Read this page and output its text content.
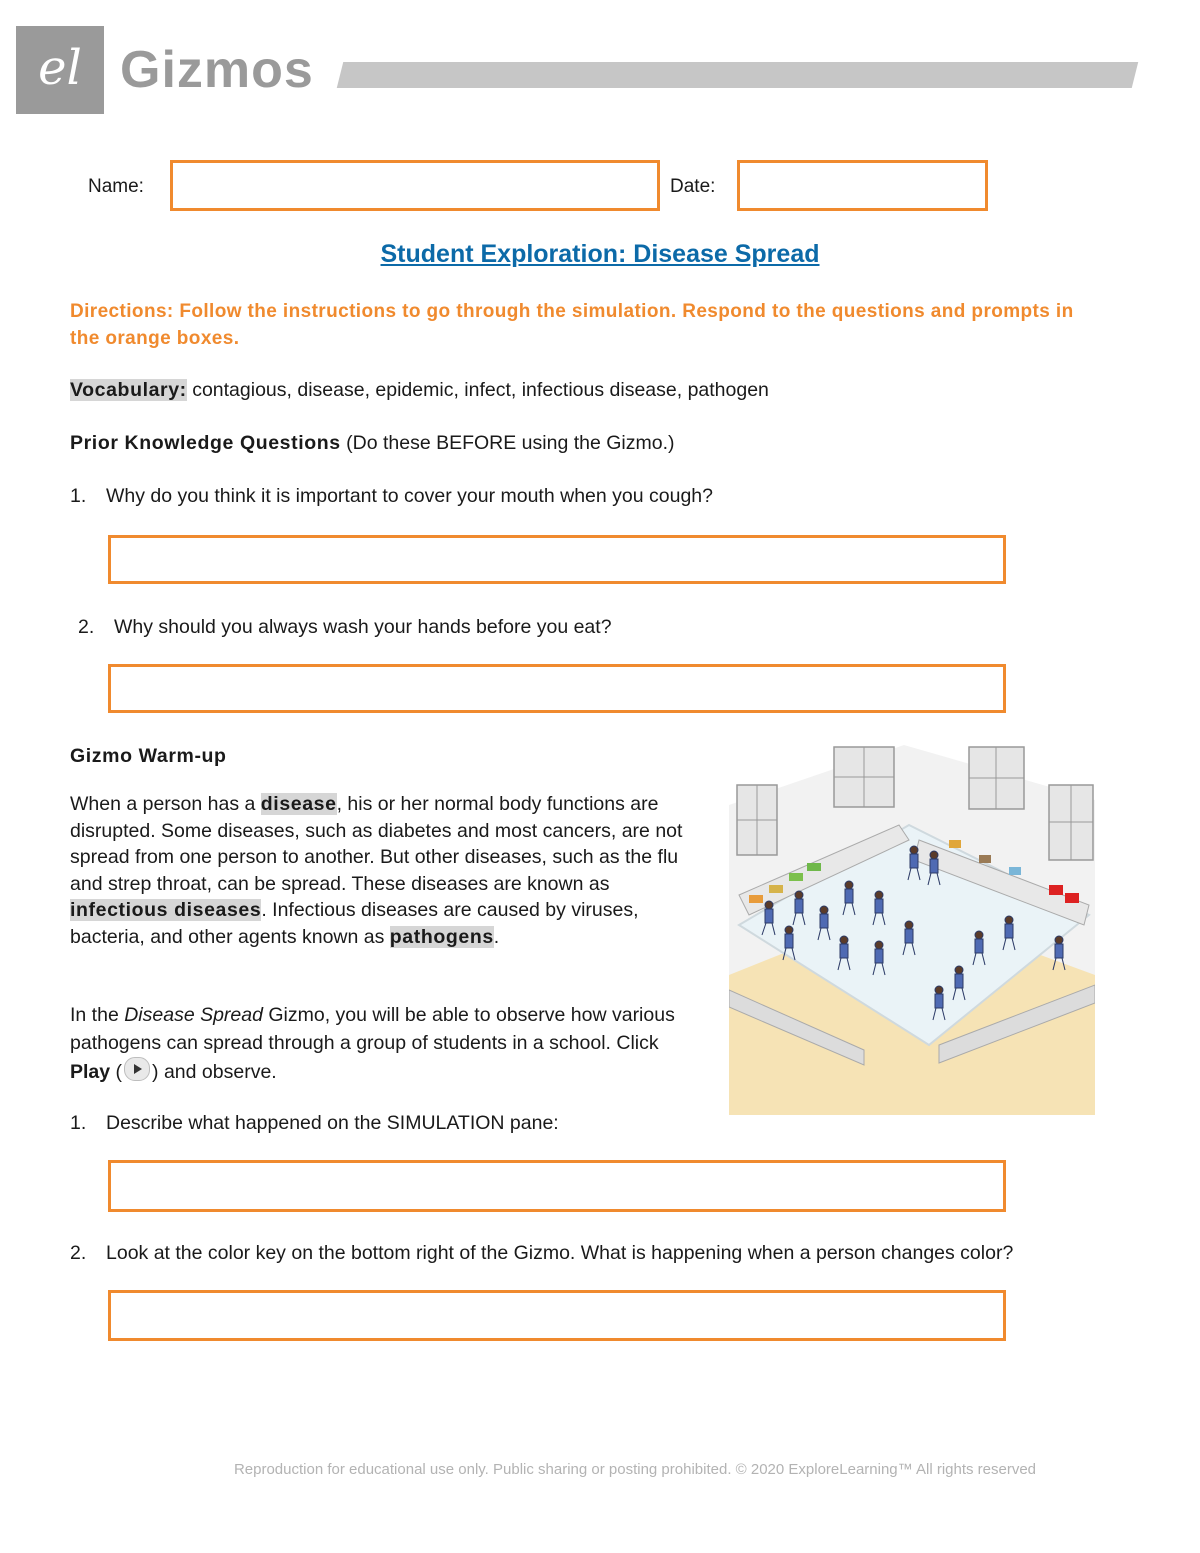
el Gizmos
Name:	Date:
Student Exploration: Disease Spread
Directions: Follow the instructions to go through the simulation. Respond to the questions and prompts in the orange boxes.
Vocabulary: contagious, disease, epidemic, infect, infectious disease, pathogen
Prior Knowledge Questions (Do these BEFORE using the Gizmo.)
1. Why do you think it is important to cover your mouth when you cough?
2. Why should you always wash your hands before you eat?
Gizmo Warm-up
When a person has a disease, his or her normal body functions are disrupted. Some diseases, such as diabetes and most cancers, are not spread from one person to another. But other diseases, such as the flu and strep throat, can be spread. These diseases are known as infectious diseases. Infectious diseases are caused by viruses, bacteria, and other agents known as pathogens.
In the Disease Spread Gizmo, you will be able to observe how various pathogens can spread through a group of students in a school. Click Play ( ) and observe.
1. Describe what happened on the SIMULATION pane:
2. Look at the color key on the bottom right of the Gizmo. What is happening when a person changes color?
Reproduction for educational use only. Public sharing or posting prohibited. © 2020 ExploreLearning™ All rights reserved
